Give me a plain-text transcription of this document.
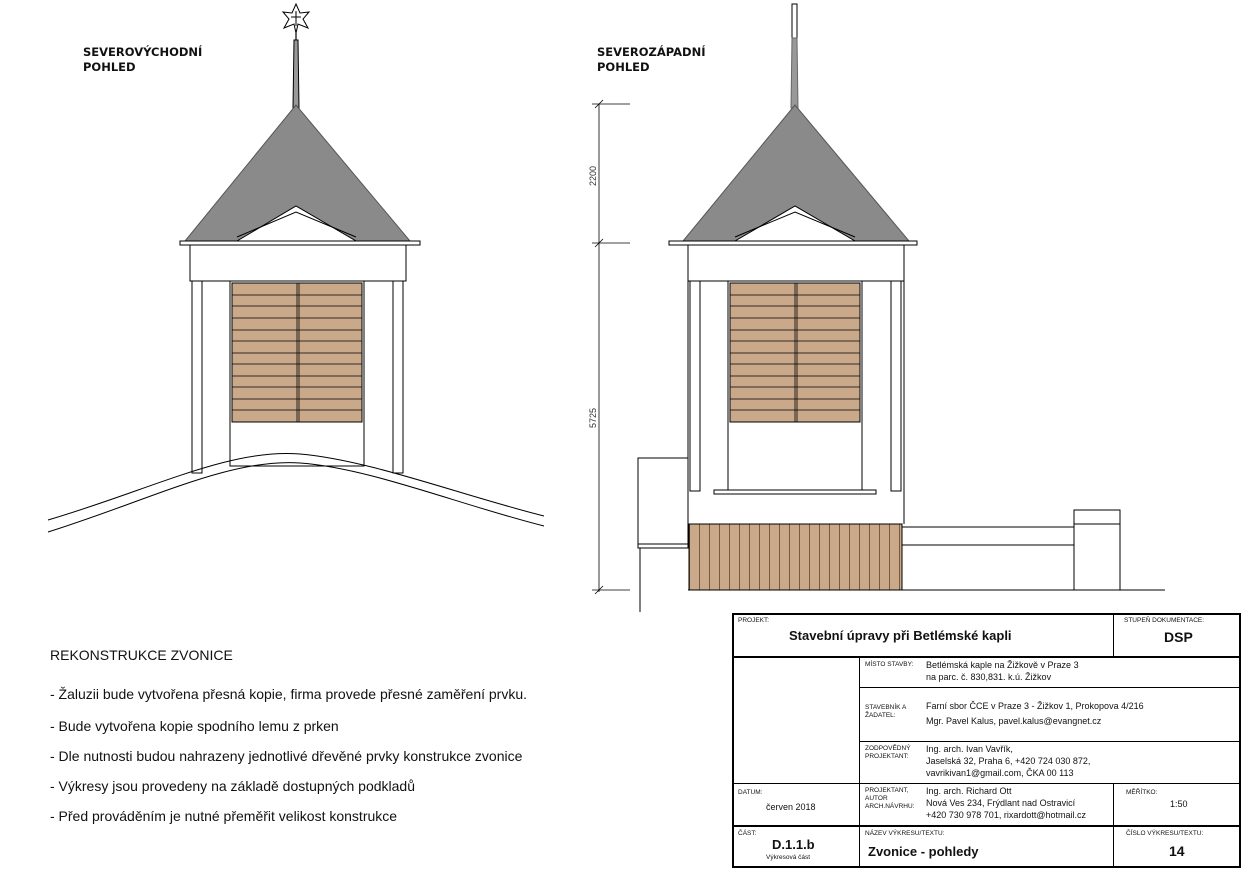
SEVEROVÝCHODNÍ
POHLED
SEVEROZÁPADNÍ
POHLED
2200
5725
REKONSTRUKCE ZVONICE
- Žaluzii bude vytvořena přesná kopie, firma provede přesné zaměření prvku.
- Bude vytvořena kopie spodního lemu z prken
- Dle nutnosti budou nahrazeny jednotlivé dřevěné prvky konstrukce zvonice
- Výkresy jsou provedeny na základě dostupných podkladů
- Před prováděním je nutné přeměřit velikost konstrukce
PROJEKT:
Stavební úpravy při Betlémské kapli
STUPEŇ DOKUMENTACE:
DSP
MÍSTO STAVBY: Betlémská kaple na Žižkově v Praze 3
na parc. č. 830,831. k.ú. Žižkov
STAVEBNÍK A
ŽADATEL:
Farní sbor ČCE v Praze 3 - Žižkov 1, Prokopova 4/216
Mgr. Pavel Kalus, pavel.kalus@evangnet.cz
ZODPOVĚDNÝ
PROJEKTANT:
Ing. arch. Ivan Vavřík,
Jaselská 32, Praha 6, +420 724 030 872,
vavrikivan1@gmail.com, ČKA 00 113
DATUM:
červen 2018
PROJEKTANT,
AUTOR
ARCH.NÁVRHU:
Ing. arch. Richard Ott
Nová Ves 234, Frýdlant nad Ostravicí
+420 730 978 701, rixardott@hotmail.cz
MĚŘÍTKO:
1:50
ČÁST:
D.1.1.b
Výkresová část
NÁZEV VÝKRESU/TEXTU:
Zvonice - pohledy
ČÍSLO VÝKRESU/TEXTU:
14
